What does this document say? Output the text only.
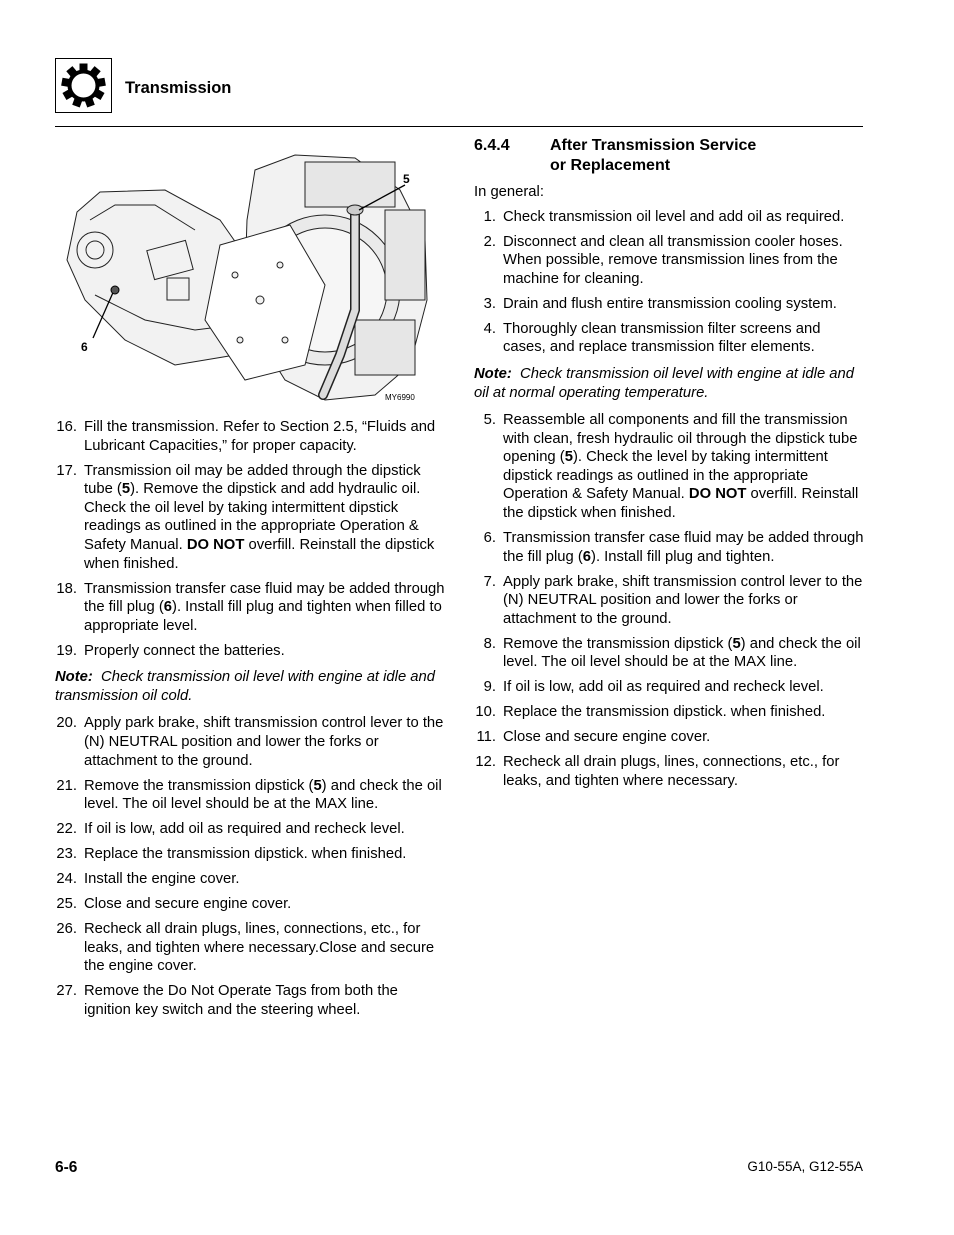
Transmission
5
6
MY6990
16. Fill the transmission. Refer to Section 2.5, “Fluids and Lubricant Capacities,” for proper capacity.
17. Transmission oil may be added through the dipstick tube (5). Remove the dipstick and add hydraulic oil. Check the oil level by taking intermittent dipstick readings as outlined in the appropriate Operation & Safety Manual. DO NOT overfill. Reinstall the dipstick when finished.
18. Transmission transfer case fluid may be added through the fill plug (6). Install fill plug and tighten when filled to appropriate level.
19. Properly connect the batteries.
Note: Check transmission oil level with engine at idle and transmission oil cold.
20. Apply park brake, shift transmission control lever to the (N) NEUTRAL position and lower the forks or attachment to the ground.
21. Remove the transmission dipstick (5) and check the oil level. The oil level should be at the MAX line.
22. If oil is low, add oil as required and recheck level.
23. Replace the transmission dipstick. when finished.
24. Install the engine cover.
25. Close and secure engine cover.
26. Recheck all drain plugs, lines, connections, etc., for leaks, and tighten where necessary.Close and secure the engine cover.
27. Remove the Do Not Operate Tags from both the ignition key switch and the steering wheel.
6.4.4	After Transmission Service
or Replacement
In general:
1. Check transmission oil level and add oil as required.
2. Disconnect and clean all transmission cooler hoses. When possible, remove transmission lines from the machine for cleaning.
3. Drain and flush entire transmission cooling system.
4. Thoroughly clean transmission filter screens and cases, and replace transmission filter elements.
Note: Check transmission oil level with engine at idle and oil at normal operating temperature.
5. Reassemble all components and fill the transmission with clean, fresh hydraulic oil through the dipstick tube opening (5). Check the level by taking intermittent dipstick readings as outlined in the appropriate Operation & Safety Manual. DO NOT overfill. Reinstall the dipstick when finished.
6. Transmission transfer case fluid may be added through the fill plug (6). Install fill plug and tighten.
7. Apply park brake, shift transmission control lever to the (N) NEUTRAL position and lower the forks or attachment to the ground.
8. Remove the transmission dipstick (5) and check the oil level. The oil level should be at the MAX line.
9. If oil is low, add oil as required and recheck level.
10. Replace the transmission dipstick. when finished.
11. Close and secure engine cover.
12. Recheck all drain plugs, lines, connections, etc., for leaks, and tighten where necessary.
6-6	G10-55A, G12-55A
